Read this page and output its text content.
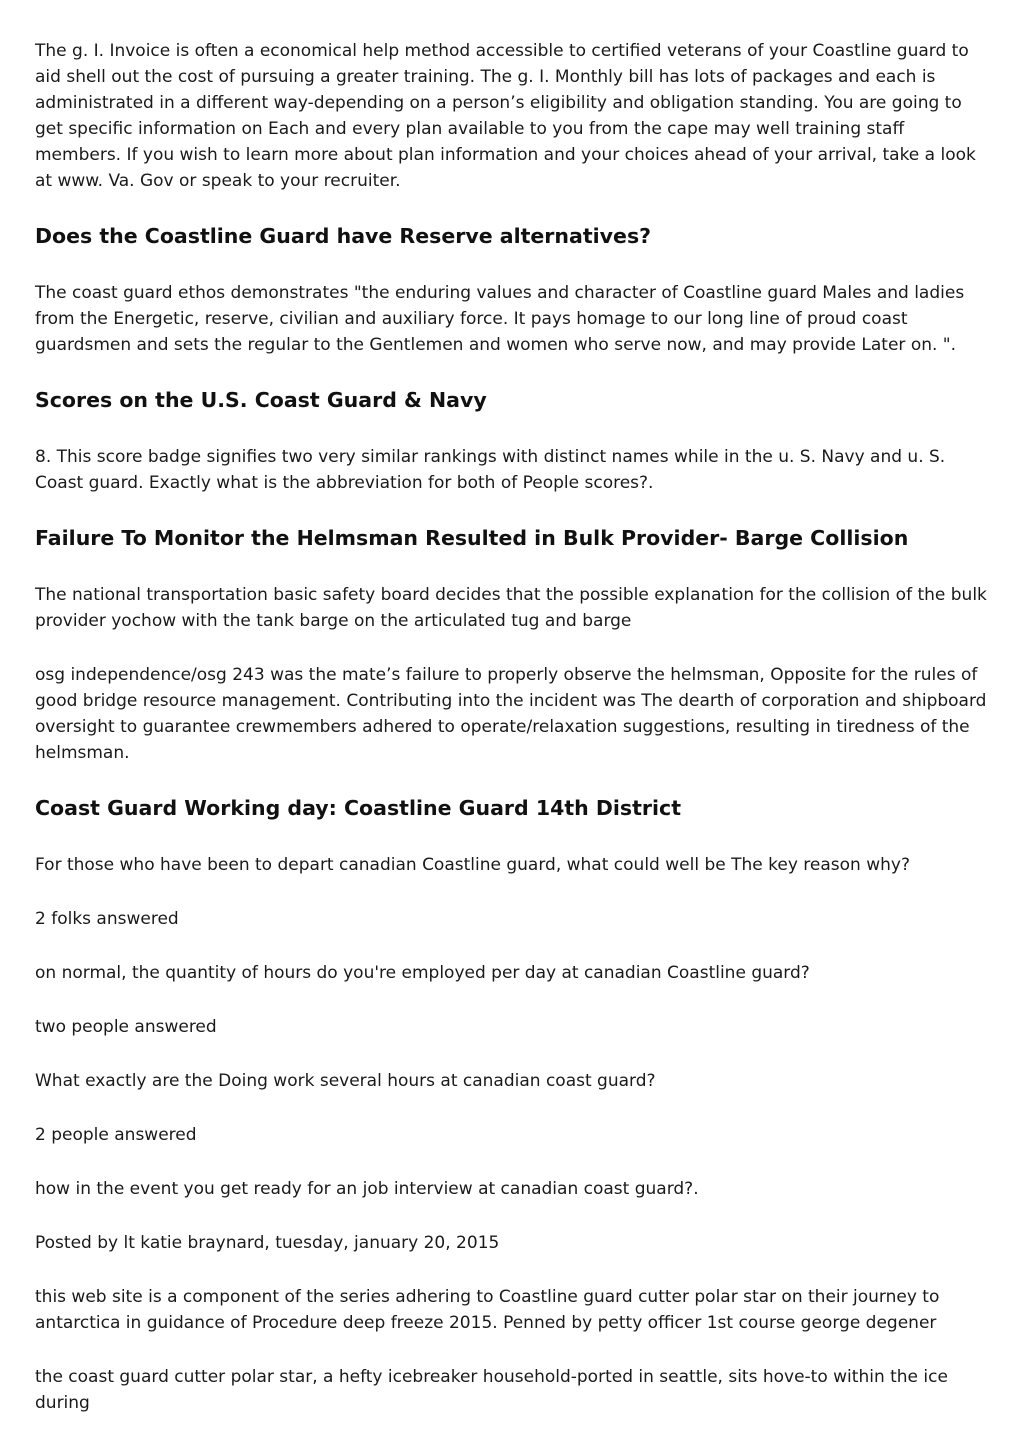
The g. I. Invoice is often a economical help method accessible to certified veterans of your Coastline guard to aid shell out the cost of pursuing a greater training. The g. I. Monthly bill has lots of packages and each is administrated in a different way-depending on a person’s eligibility and obligation standing. You are going to get specific information on Each and every plan available to you from the cape may well training staff members. If you wish to learn more about plan information and your choices ahead of your arrival, take a look at www. Va. Gov or speak to your recruiter.

Does the Coastline Guard have Reserve alternatives?

The coast guard ethos demonstrates "the enduring values and character of Coastline guard Males and ladies from the Energetic, reserve, civilian and auxiliary force. It pays homage to our long line of proud coast guardsmen and sets the regular to the Gentlemen and women who serve now, and may provide Later on. ".

Scores on the U.S. Coast Guard & Navy

8. This score badge signifies two very similar rankings with distinct names while in the u. S. Navy and u. S. Coast guard. Exactly what is the abbreviation for both of People scores?.

Failure To Monitor the Helmsman Resulted in Bulk Provider- Barge Collision

The national transportation basic safety board decides that the possible explanation for the collision of the bulk provider yochow with the tank barge on the articulated tug and barge

osg independence/osg 243 was the mate’s failure to properly observe the helmsman, Opposite for the rules of good bridge resource management. Contributing into the incident was The dearth of corporation and shipboard oversight to guarantee crewmembers adhered to operate/relaxation suggestions, resulting in tiredness of the helmsman.

Coast Guard Working day: Coastline Guard 14th District

For those who have been to depart canadian Coastline guard, what could well be The key reason why?

2 folks answered

on normal, the quantity of hours do you're employed per day at canadian Coastline guard?

two people answered

What exactly are the Doing work several hours at canadian coast guard?

2 people answered

how in the event you get ready for an job interview at canadian coast guard?.

Posted by lt katie braynard, tuesday, january 20, 2015

this web site is a component of the series adhering to Coastline guard cutter polar star on their journey to antarctica in guidance of Procedure deep freeze 2015. Penned by petty officer 1st course george degener

the coast guard cutter polar star, a hefty icebreaker household-ported in seattle, sits hove-to within the ice during
